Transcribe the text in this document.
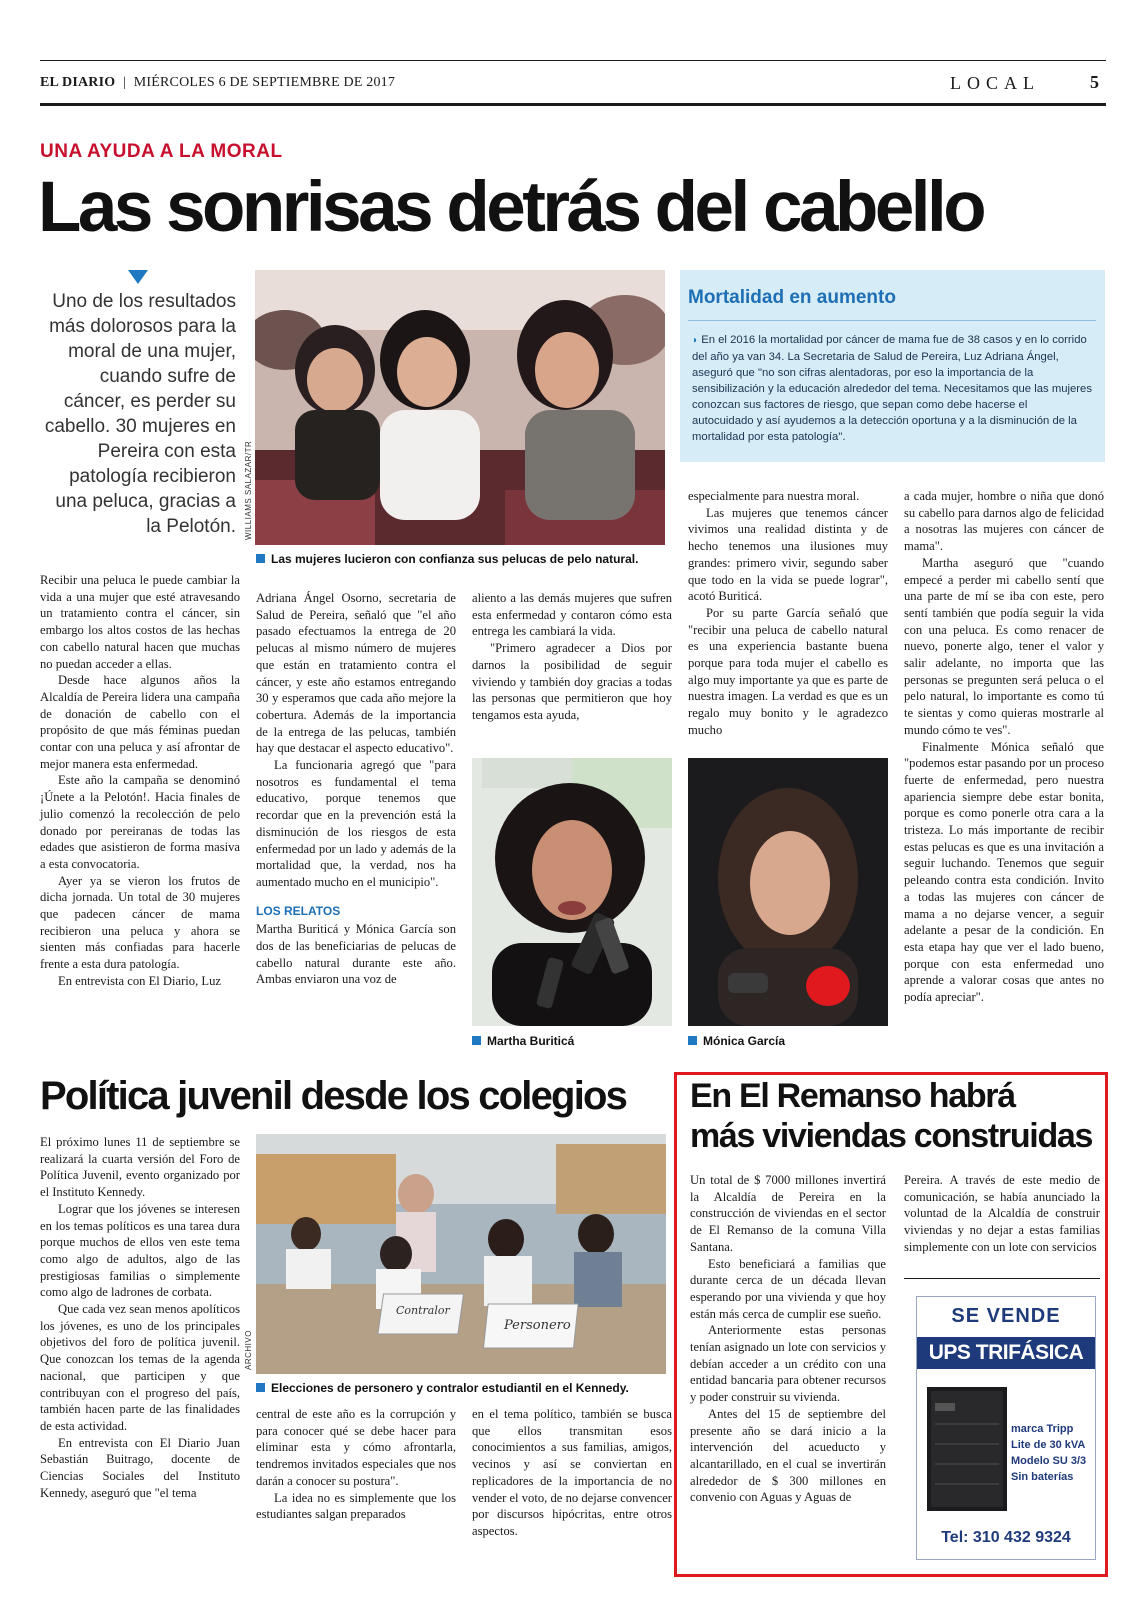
EL DIARIO | MIÉRCOLES 6 DE SEPTIEMBRE DE 2017	LOCAL	5
UNA AYUDA A LA MORAL
Las sonrisas detrás del cabello
Uno de los resultados más dolorosos para la moral de una mujer, cuando sufre de cáncer, es perder su cabello. 30 mujeres en Pereira con esta patología recibieron una peluca, gracias a la Pelotón. WILLIAMS SALAZAR/TR
Las mujeres lucieron con confianza sus pelucas de pelo natural.
Mortalidad en aumento
◗ En el 2016 la mortalidad por cáncer de mama fue de 38 casos y en lo corrido del año ya van 34. La Secretaria de Salud de Pereira, Luz Adriana Ángel, aseguró que "no son cifras alentadoras, por eso la importancia de la sensibilización y la educación alrededor del tema. Necesitamos que las mujeres conozcan sus factores de riesgo, que sepan como debe hacerse el autocuidado y así ayudemos a la detección oportuna y a la disminución de la mortalidad por esta patología".

Recibir una peluca le puede cambiar la vida a una mujer que esté atravesando un tratamiento contra el cáncer, sin embargo los altos costos de las hechas con cabello natural hacen que muchas no puedan acceder a ellas.

Desde hace algunos años la Alcaldía de Pereira lidera una campaña de donación de cabello con el propósito de que más féminas puedan contar con una peluca y así afrontar de mejor manera esta enfermedad.

Este año la campaña se denominó ¡Únete a la Pelotón!. Hacia finales de julio comenzó la recolección de pelo donado por pereiranas de todas las edades que asistieron de forma masiva a esta convocatoria.

Ayer ya se vieron los frutos de dicha jornada. Un total de 30 mujeres que padecen cáncer de mama recibieron una peluca y ahora se sienten más confiadas para hacerle frente a esta dura patología.

En entrevista con El Diario, Luz

Adriana Ángel Osorno, secretaria de Salud de Pereira, señaló que "el año pasado efectuamos la entrega de 20 pelucas al mismo número de mujeres que están en tratamiento contra el cáncer, y este año estamos entregando 30 y esperamos que cada año mejore la cobertura. Además de la importancia de la entrega de las pelucas, también hay que destacar el aspecto educativo".

La funcionaria agregó que "para nosotros es fundamental el tema educativo, porque tenemos que recordar que en la prevención está la disminución de los riesgos de esta enfermedad por un lado y además de la mortalidad que, la verdad, nos ha aumentado mucho en el municipio".

LOS RELATOS

Martha Buriticá y Mónica García son dos de las beneficiarias de pelucas de cabello natural durante este año. Ambas enviaron una voz de

aliento a las demás mujeres que sufren esta enfermedad y contaron cómo esta entrega les cambiará la vida.

"Primero agradecer a Dios por darnos la posibilidad de seguir viviendo y también doy gracias a todas las personas que permitieron que hoy tengamos esta ayuda,

Martha Buriticá

especialmente para nuestra moral.

Las mujeres que tenemos cáncer vivimos una realidad distinta y de hecho tenemos una ilusiones muy grandes: primero vivir, segundo saber que todo en la vida se puede lograr", acotó Buriticá.

Por su parte García señaló que "recibir una peluca de cabello natural es una experiencia bastante buena porque para toda mujer el cabello es algo muy importante ya que es parte de nuestra imagen. La verdad es que es un regalo muy bonito y le agradezco mucho

Mónica García

a cada mujer, hombre o niña que donó su cabello para darnos algo de felicidad a nosotras las mujeres con cáncer de mama".

Martha aseguró que "cuando empecé a perder mi cabello sentí que una parte de mí se iba con este, pero sentí también que podía seguir la vida con una peluca. Es como renacer de nuevo, ponerte algo, tener el valor y salir adelante, no importa que las personas se pregunten será peluca o el pelo natural, lo importante es como tú te sientas y como quieras mostrarle al mundo cómo te ves".

Finalmente Mónica señaló que "podemos estar pasando por un proceso fuerte de enfermedad, pero nuestra apariencia siempre debe estar bonita, porque es como ponerle otra cara a la tristeza. Lo más importante de recibir estas pelucas es que es una invitación a seguir luchando. Tenemos que seguir peleando contra esta condición. Invito a todas las mujeres con cáncer de mama a no dejarse vencer, a seguir adelante a pesar de la condición. En esta etapa hay que ver el lado bueno, porque con esta enfermedad uno aprende a valorar cosas que antes no podía apreciar".

Política juvenil desde los colegios

El próximo lunes 11 de septiembre se realizará la cuarta versión del Foro de Política Juvenil, evento organizado por el Instituto Kennedy.

Lograr que los jóvenes se interesen en los temas políticos es una tarea dura porque muchos de ellos ven este tema como algo de adultos, algo de las prestigiosas familias o simplemente como algo de ladrones de corbata.

Que cada vez sean menos apolíticos los jóvenes, es uno de los principales objetivos del foro de política juvenil. Que conozcan los temas de la agenda nacional, que participen y que contribuyan con el progreso del país, también hacen parte de las finalidades de esta actividad.

En entrevista con El Diario Juan Sebastián Buitrago, docente de Ciencias Sociales del Instituto Kennedy, aseguró que "el tema

Contralor
Personero
ARCHIVO
Elecciones de personero y contralor estudiantil en el Kennedy.

central de este año es la corrupción y para conocer qué se debe hacer para eliminar esta y cómo afrontarla, tendremos invitados especiales que nos darán a conocer su postura".

La idea no es simplemente que los estudiantes salgan preparados

en el tema político, también se busca que ellos transmitan esos conocimientos a sus familias, amigos, vecinos y así se conviertan en replicadores de la importancia de no vender el voto, de no dejarse convencer por discursos hipócritas, entre otros aspectos.

En El Remanso habrá
más viviendas construidas

Un total de $ 7000 millones invertirá la Alcaldía de Pereira en la construcción de viviendas en el sector de El Remanso de la comuna Villa Santana.

Esto beneficiará a familias que durante cerca de un década llevan esperando por una vivienda y que hoy están más cerca de cumplir ese sueño.

Anteriormente estas personas tenían asignado un lote con servicios y debían acceder a un crédito con una entidad bancaria para obtener recursos y poder construir su vivienda.

Antes del 15 de septiembre del presente año se dará inicio a la intervención del acueducto y alcantarillado, en el cual se invertirán alrededor de $ 300 millones en convenio con Aguas y Aguas de

Pereira. A través de este medio de comunicación, se había anunciado la voluntad de la Alcaldía de construir viviendas y no dejar a estas familias simplemente con un lote con servicios

SE VENDE
UPS TRIFÁSICA
marca Tripp
Lite de 30 kVA
Modelo SU 3/3
Sin baterías
Tel: 310 432 9324
